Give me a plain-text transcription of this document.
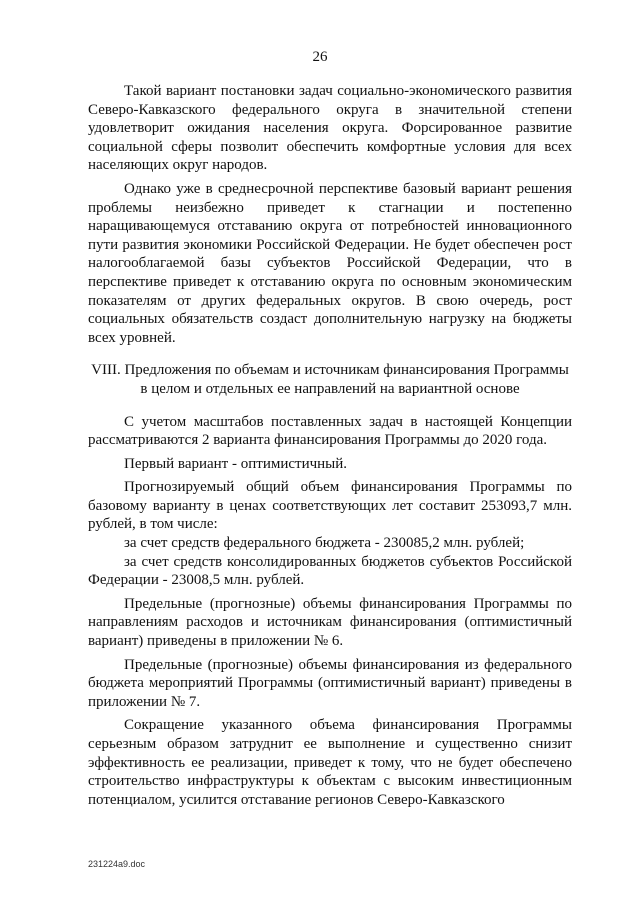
26

Такой вариант постановки задач социально-экономического развития Северо-Кавказского федерального округа в значительной степени удовлетворит ожидания населения округа. Форсированное развитие социальной сферы позволит обеспечить комфортные условия для всех населяющих округ народов.

Однако уже в среднесрочной перспективе базовый вариант решения проблемы неизбежно приведет к стагнации и постепенно наращивающемуся отставанию округа от потребностей инновационного пути развития экономики Российской Федерации. Не будет обеспечен рост налогооблагаемой базы субъектов Российской Федерации, что в перспективе приведет к отставанию округа по основным экономическим показателям от других федеральных округов. В свою очередь, рост социальных обязательств создаст дополнительную нагрузку на бюджеты всех уровней.

VIII. Предложения по объемам и источникам финансирования Программы
в целом и отдельных ее направлений на вариантной основе

С учетом масштабов поставленных задач в настоящей Концепции рассматриваются 2 варианта финансирования Программы до 2020 года.

Первый вариант - оптимистичный.

Прогнозируемый общий объем финансирования Программы по базовому варианту в ценах соответствующих лет составит 253093,7 млн. рублей, в том числе:

за счет средств федерального бюджета - 230085,2 млн. рублей;

за счет средств консолидированных бюджетов субъектов Российской Федерации - 23008,5 млн. рублей.

Предельные (прогнозные) объемы финансирования Программы по направлениям расходов и источникам финансирования (оптимистичный вариант) приведены в приложении № 6.

Предельные (прогнозные) объемы финансирования из федерального бюджета мероприятий Программы (оптимистичный вариант) приведены в приложении № 7.

Сокращение указанного объема финансирования Программы серьезным образом затруднит ее выполнение и существенно снизит эффективность ее реализации, приведет к тому, что не будет обеспечено строительство инфраструктуры к объектам с высоким инвестиционным потенциалом, усилится отставание регионов Северо-Кавказского

231224a9.doc
